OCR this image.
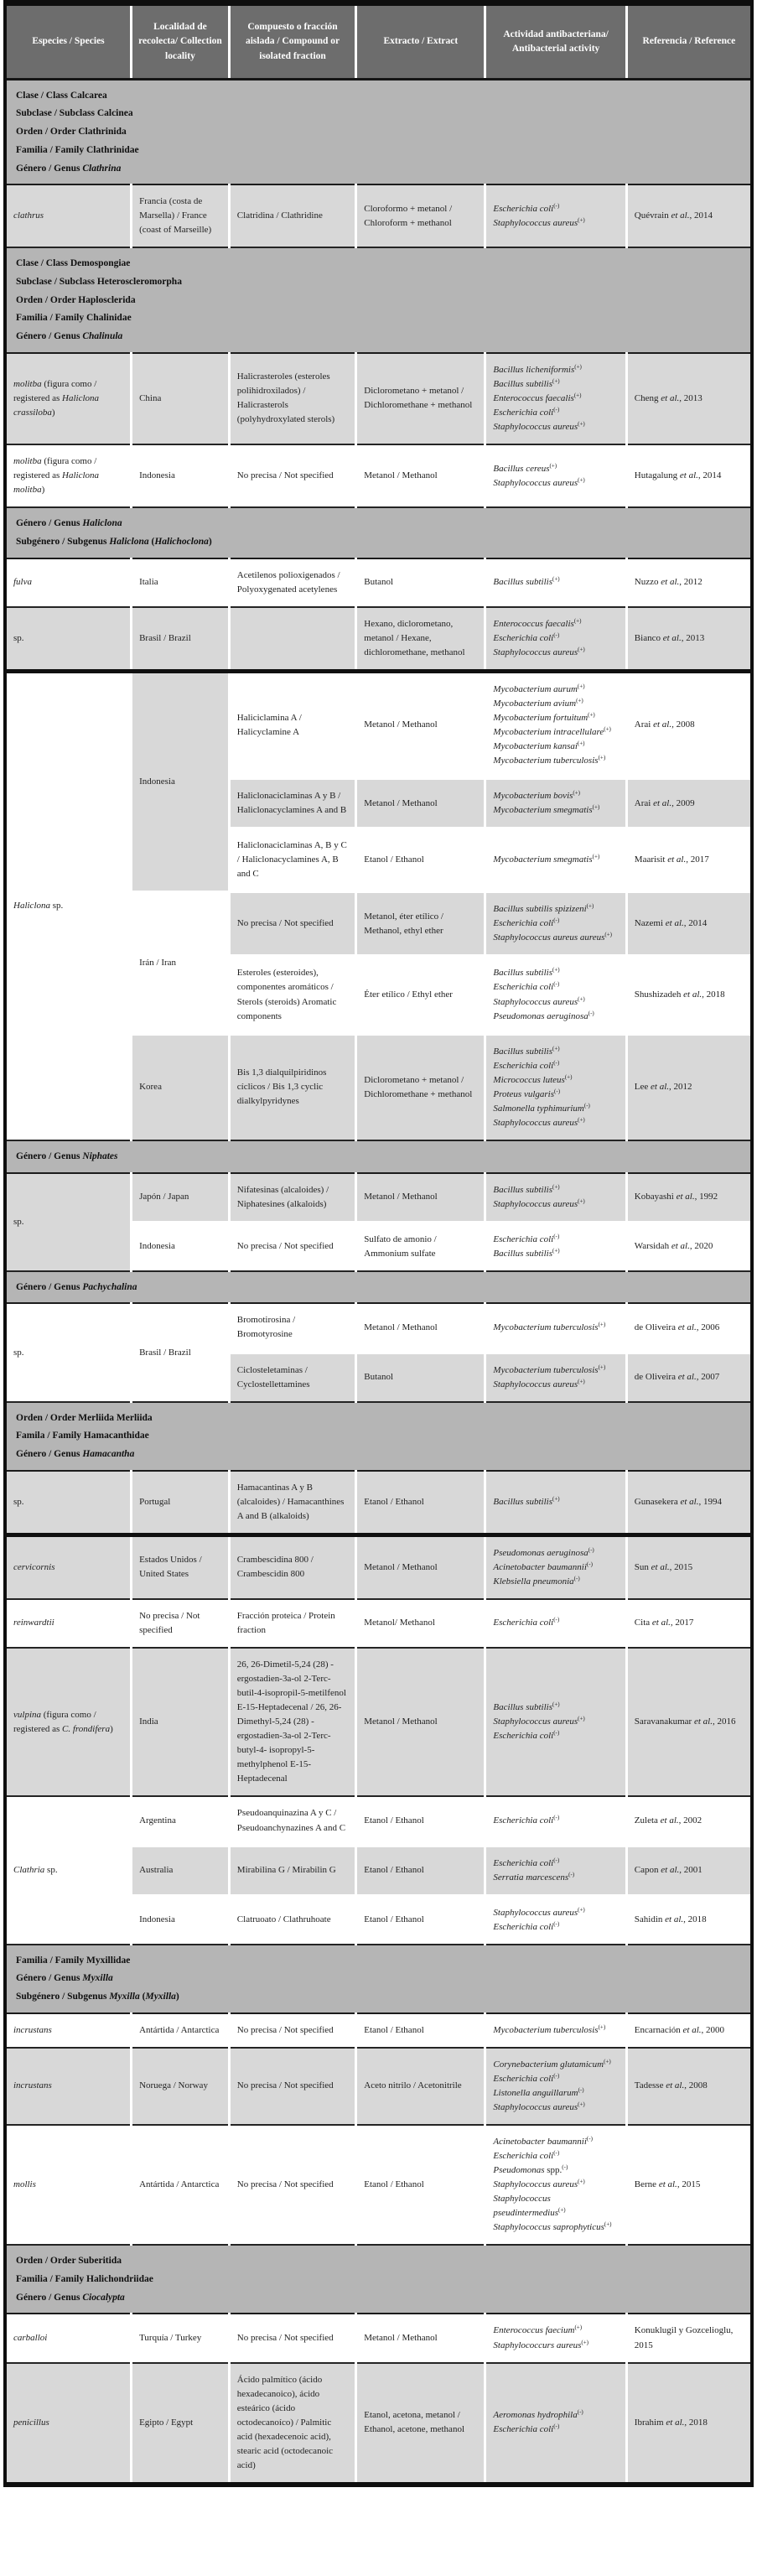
Especies / Species	Localidad de recolecta/ Collection locality	Compuesto o fracción aislada / Compound or isolated fraction	Extracto / Extract	Actividad antibacteriana/ Antibacterial activity	Referencia / Reference

Clase / Class Calcarea
Subclase / Subclass Calcinea
Orden / Order Clathrinida
Familia / Family Clathrinidae
Género / Genus Clathrina					

clathrus	Francia (costa de Marsella) / France (coast of Marseille)	Clatridina / Clathridine	Cloroformo + metanol / Chloroform + methanol	Escherichia coli(-)
Staphylococcus aureus(+)	Quévrain et al., 2014

Clase / Class Demospongiae
Subclase / Subclass Heteroscleromorpha
Orden / Order Haplosclerida
Familia / Family Chalinidae
Género / Genus Chalinula					

molitba (figura como / registered as Haliclona crassiloba)	China	Halicrasteroles (esteroles polihidroxilados) / Halicrasterols (polyhydroxylated sterols)	Diclorometano + metanol / Dichloromethane + methanol	Bacillus licheniformis(+)
Bacillus subtilis(+)
Enterococcus faecalis(+)
Escherichia coli(-)
Staphylococcus aureus(+)	Cheng et al., 2013
molitba (figura como / registered as Haliclona molitba)	Indonesia	No precisa / Not specified	Metanol / Methanol	Bacillus cereus(+)
Staphylococcus aureus(+)	Hutagalung et al., 2014

Género / Genus Haliclona
Subgénero / Subgenus Haliclona (Halichoclona)					

fulva	Italia	Acetilenos polioxigenados / Polyoxygenated acetylenes	Butanol	Bacillus subtilis(+)	Nuzzo et al., 2012
sp.	Brasil / Brazil		Hexano, diclorometano, metanol / Hexane, dichloromethane, methanol	Enterococcus faecalis(+)
Escherichia coli(-)
Staphylococcus aureus(+)	Bianco et al., 2013
Haliclona sp.	Indonesia	Haliciclamina A / Halicyclamine A	Metanol / Methanol	Mycobacterium aurum(+)
Mycobacterium avium(+)
Mycobacterium fortuitum(+)
Mycobacterium intracellulare(+)
Mycobacterium kansai(+)
Mycobacterium tuberculosis(+)	Arai et al., 2008
		Haliclonaciclaminas A y B / Haliclonacyclamines A and B	Metanol / Methanol	Mycobacterium bovis(+)
Mycobacterium smegmatis(+)	Arai et al., 2009
		Haliclonaciclaminas A, B y C / Haliclonacyclamines A, B and C	Etanol / Ethanol	Mycobacterium smegmatis(+)	Maarisit et al., 2017
	Irán / Iran	No precisa / Not specified	Metanol, éter etílico / Methanol, ethyl ether	Bacillus subtilis spizizeni(+)
Escherichia coli(-)
Staphylococcus aureus aureus(+)	Nazemi et al., 2014
		Esteroles (esteroides), componentes aromáticos / Sterols (steroids) Aromatic components	Éter etílico / Ethyl ether	Bacillus subtilis(+)
Escherichia coli(-)
Staphylococcus aureus(+)
Pseudomonas aeruginosa(-)	Shushizadeh et al., 2018
Korea	Bis 1,3 dialquilpiridinos cíclicos / Bis 1,3 cyclic dialkylpyridynes	Diclorometano + metanol / Dichloromethane + methanol	Bacillus subtilis(+)
Escherichia coli(-)
Micrococcus luteus(+)
Proteus vulgaris(-)
Salmonella typhimurium(-)
Staphylococcus aureus(+)	Lee et al., 2012

Género / Genus Niphates					

sp.	Japón / Japan	Nifatesinas (alcaloides) / Niphatesines (alkaloids)	Metanol / Methanol	Bacillus subtilis(+)
Staphylococcus aureus(+)	Kobayashi et al., 1992
	Indonesia	No precisa / Not specified	Sulfato de amonio / Ammonium sulfate	Escherichia coli(-)
Bacillus subtilis(+)	Warsidah et al., 2020

Género / Genus Pachychalina					

sp.	Brasil / Brazil	Bromotirosina / Bromotyrosine	Metanol / Methanol	Mycobacterium tuberculosis(+)	de Oliveira et al., 2006
		Ciclosteletaminas / Cyclostellettamines	Butanol	Mycobacterium tuberculosis(+)
Staphylococcus aureus(+)	de Oliveira et al., 2007

Orden / Order Merliida Merliida
Famila / Family Hamacanthidae
Género / Genus Hamacantha					

sp.	Portugal	Hamacantinas A y B (alcaloides) / Hamacanthines A and B (alkaloids)	Etanol / Ethanol	Bacillus subtilis(+)	Gunasekera et al., 1994
cervicornis	Estados Unidos / United States	Crambescidina 800 / Crambescidin 800	Metanol / Methanol	Pseudomonas aeruginosa(-)
Acinetobacter baumannii(-)
Klebsiella pneumonia(-)	Sun et al., 2015
reinwardtii	No precisa / Not specified	Fracción proteica / Protein fraction	Metanol/ Methanol	Escherichia coli(-)	Cita et al., 2017
vulpina (figura como / registered as C. frondifera)	India	26, 26-Dimetil-5,24 (28) -ergostadien-3a-ol 2-Terc-butil-4-isopropil-5-metilfenol E-15-Heptadecenal / 26, 26-Dimethyl-5,24 (28) -ergostadien-3a-ol 2-Terc-butyl-4- isopropyl-5-methylphenol E-15-Heptadecenal	Metanol / Methanol	Bacillus subtilis(+)
Staphylococcus aureus(+)
Escherichia coli(-)	Saravanakumar et al., 2016
Clathria sp.	Argentina	Pseudoanquinazina A y C / Pseudoanchynazines A and C	Etanol / Ethanol	Escherichia coli(-)	Zuleta et al., 2002
	Australia	Mirabilina G / Mirabilin G	Etanol / Ethanol	Escherichia coli(-)
Serratia marcescens(-)	Capon et al., 2001
	Indonesia	Clatruoato / Clathruhoate	Etanol / Ethanol	Staphylococcus aureus(+)
Escherichia coli(-)	Sahidin et al., 2018

Familia / Family Myxillidae
Género / Genus Myxilla
Subgénero / Subgenus Myxilla (Myxilla)					

incrustans	Antártida / Antarctica	No precisa / Not specified	Etanol / Ethanol	Mycobacterium tuberculosis(+)	Encarnación et al., 2000
incrustans	Noruega / Norway	No precisa / Not specified	Aceto nitrilo / Acetonitrile	Corynebacterium glutamicum(+)
Escherichia coli(-)
Listonella anguillarum(-)
Staphylococcus aureus(+)	Tadesse et al., 2008
mollis	Antártida / Antarctica	No precisa / Not specified	Etanol / Ethanol	Acinetobacter baumannii(-)
Escherichia coli(-)
Pseudomonas spp.(-)
Staphylococcus aureus(+)
Staphylococcus pseudintermedius(+)
Staphylococcus saprophyticus(+)	Berne et al., 2015

Orden / Order Suberitida
Familia / Family Halichondriidae
Género / Genus Ciocalypta					

carballoi	Turquía / Turkey	No precisa / Not specified	Metanol / Methanol	Enterococcus faecium(+)
Staphylococcurs aureus(+)	Konuklugil y Gozcelioglu, 2015
penicillus	Egipto / Egypt	Ácido palmítico (ácido hexadecanoico), ácido esteárico (ácido octodecanoíco) / Palmitic acid (hexadecenoic acid), stearic acid (octodecanoic acid)	Etanol, acetona, metanol / Ethanol, acetone, methanol	Aeromonas hydrophila(-)
Escherichia coli(-)	Ibrahim et al., 2018
